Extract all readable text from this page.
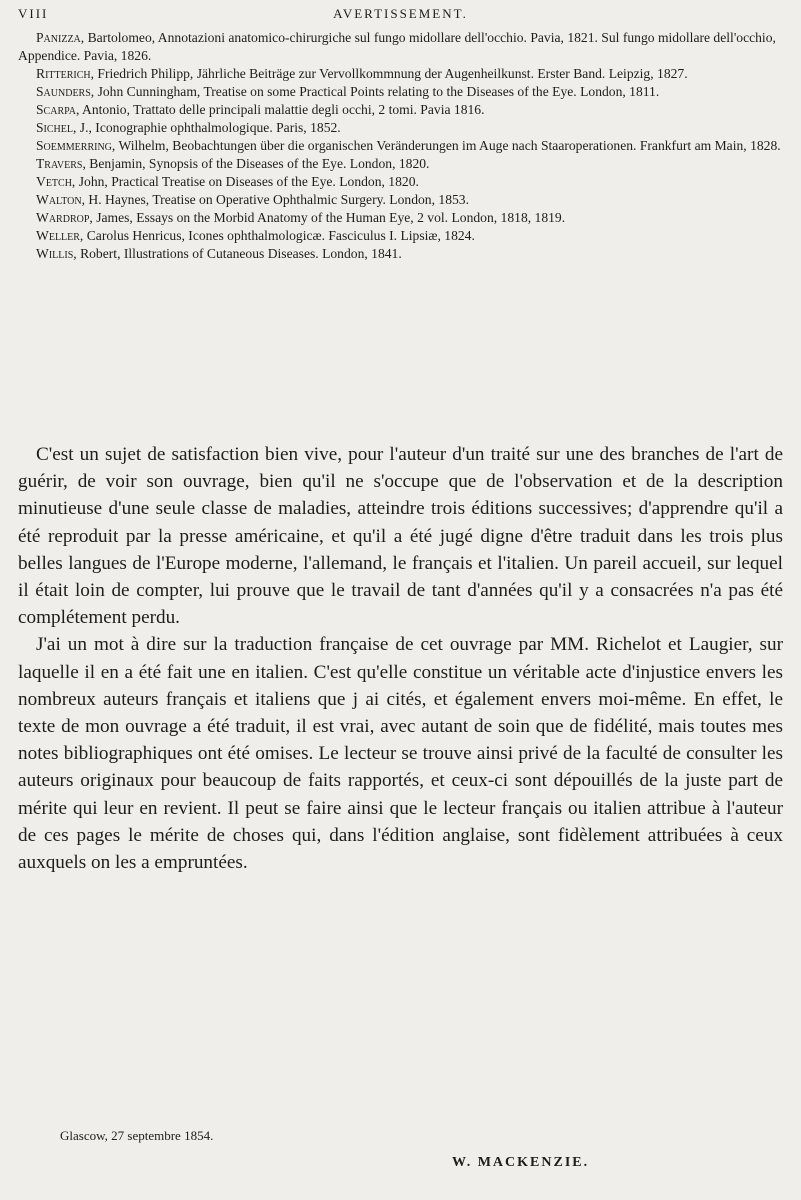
VIII	AVERTISSEMENT.
Panizza, Bartolomeo, Annotazioni anatomico-chirurgiche sul fungo midollare dell'occhio. Pavia, 1821. Sul fungo midollare dell'occhio, Appendice. Pavia, 1826.
Ritterich, Friedrich Philipp, Jährliche Beiträge zur Vervollkommnung der Augenheilkunst. Erster Band. Leipzig, 1827.
Saunders, John Cunningham, Treatise on some Practical Points relating to the Diseases of the Eye. London, 1811.
Scarpa, Antonio, Trattato delle principali malattie degli occhi, 2 tomi. Pavia 1816.
Sichel, J., Iconographie ophthalmologique. Paris, 1852.
Soemmerring, Wilhelm, Beobachtungen über die organischen Veränderungen im Auge nach Staaroperationen. Frankfurt am Main, 1828.
Travers, Benjamin, Synopsis of the Diseases of the Eye. London, 1820.
Vetch, John, Practical Treatise on Diseases of the Eye. London, 1820.
Walton, H. Haynes, Treatise on Operative Ophthalmic Surgery. London, 1853.
Wardrop, James, Essays on the Morbid Anatomy of the Human Eye, 2 vol. London, 1818, 1819.
Weller, Carolus Henricus, Icones ophthalmologicæ. Fasciculus I. Lipsiæ, 1824.
Willis, Robert, Illustrations of Cutaneous Diseases. London, 1841.

C'est un sujet de satisfaction bien vive, pour l'auteur d'un traité sur une des branches de l'art de guérir, de voir son ouvrage, bien qu'il ne s'occupe que de l'observation et de la description minutieuse d'une seule classe de maladies, atteindre trois éditions successives; d'apprendre qu'il a été reproduit par la presse américaine, et qu'il a été jugé digne d'être traduit dans les trois plus belles langues de l'Europe moderne, l'allemand, le français et l'italien. Un pareil accueil, sur lequel il était loin de compter, lui prouve que le travail de tant d'années qu'il y a consacrées n'a pas été complétement perdu.

J'ai un mot à dire sur la traduction française de cet ouvrage par MM. Richelot et Laugier, sur laquelle il en a été fait une en italien. C'est qu'elle constitue un véritable acte d'injustice envers les nombreux auteurs français et italiens que j ai cités, et également envers moi-même. En effet, le texte de mon ouvrage a été traduit, il est vrai, avec autant de soin que de fidélité, mais toutes mes notes bibliographiques ont été omises. Le lecteur se trouve ainsi privé de la faculté de consulter les auteurs originaux pour beaucoup de faits rapportés, et ceux-ci sont dépouillés de la juste part de mérite qui leur en revient. Il peut se faire ainsi que le lecteur français ou italien attribue à l'auteur de ces pages le mérite de choses qui, dans l'édition anglaise, sont fidèlement attribuées à ceux auxquels on les a empruntées.

Glascow, 27 septembre 1854.
W. MACKENZIE.
